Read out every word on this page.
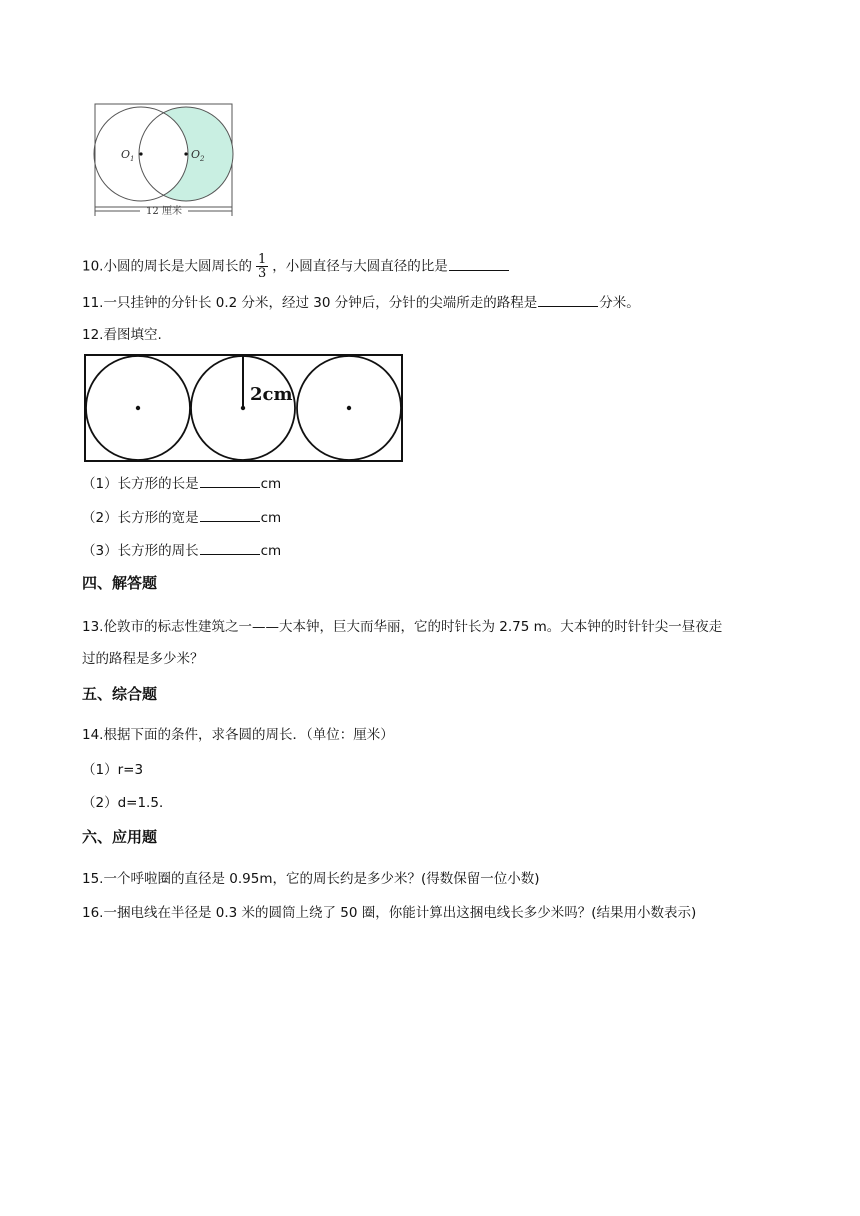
$O_1$	$O_2$
12 厘米
10.小圆的周长是大圆周长的 $\frac{1}{3}$ ，小圆直径与大圆直径的比是
11.一只挂钟的分针长 0.2 分米，经过 30 分钟后，分针的尖端所走的路程是	分米。
12.看图填空.
2cm
（1）长方形的长是	cm
（2）长方形的宽是	cm
（3）长方形的周长	cm
四、解答题
13.伦敦市的标志性建筑之一——大本钟，巨大而华丽，它的时针长为 2.75 m。大本钟的时针针尖一昼夜走
过的路程是多少米？
五、综合题
14.根据下面的条件，求各圆的周长．（单位：厘米）
（1）r=3
（2）d=1.5．
六、应用题
15.一个呼啦圈的直径是 0.95m，它的周长约是多少米？(得数保留一位小数)
16.一捆电线在半径是 0.3 米的圆筒上绕了 50 圈，你能计算出这捆电线长多少米吗？(结果用小数表示)
